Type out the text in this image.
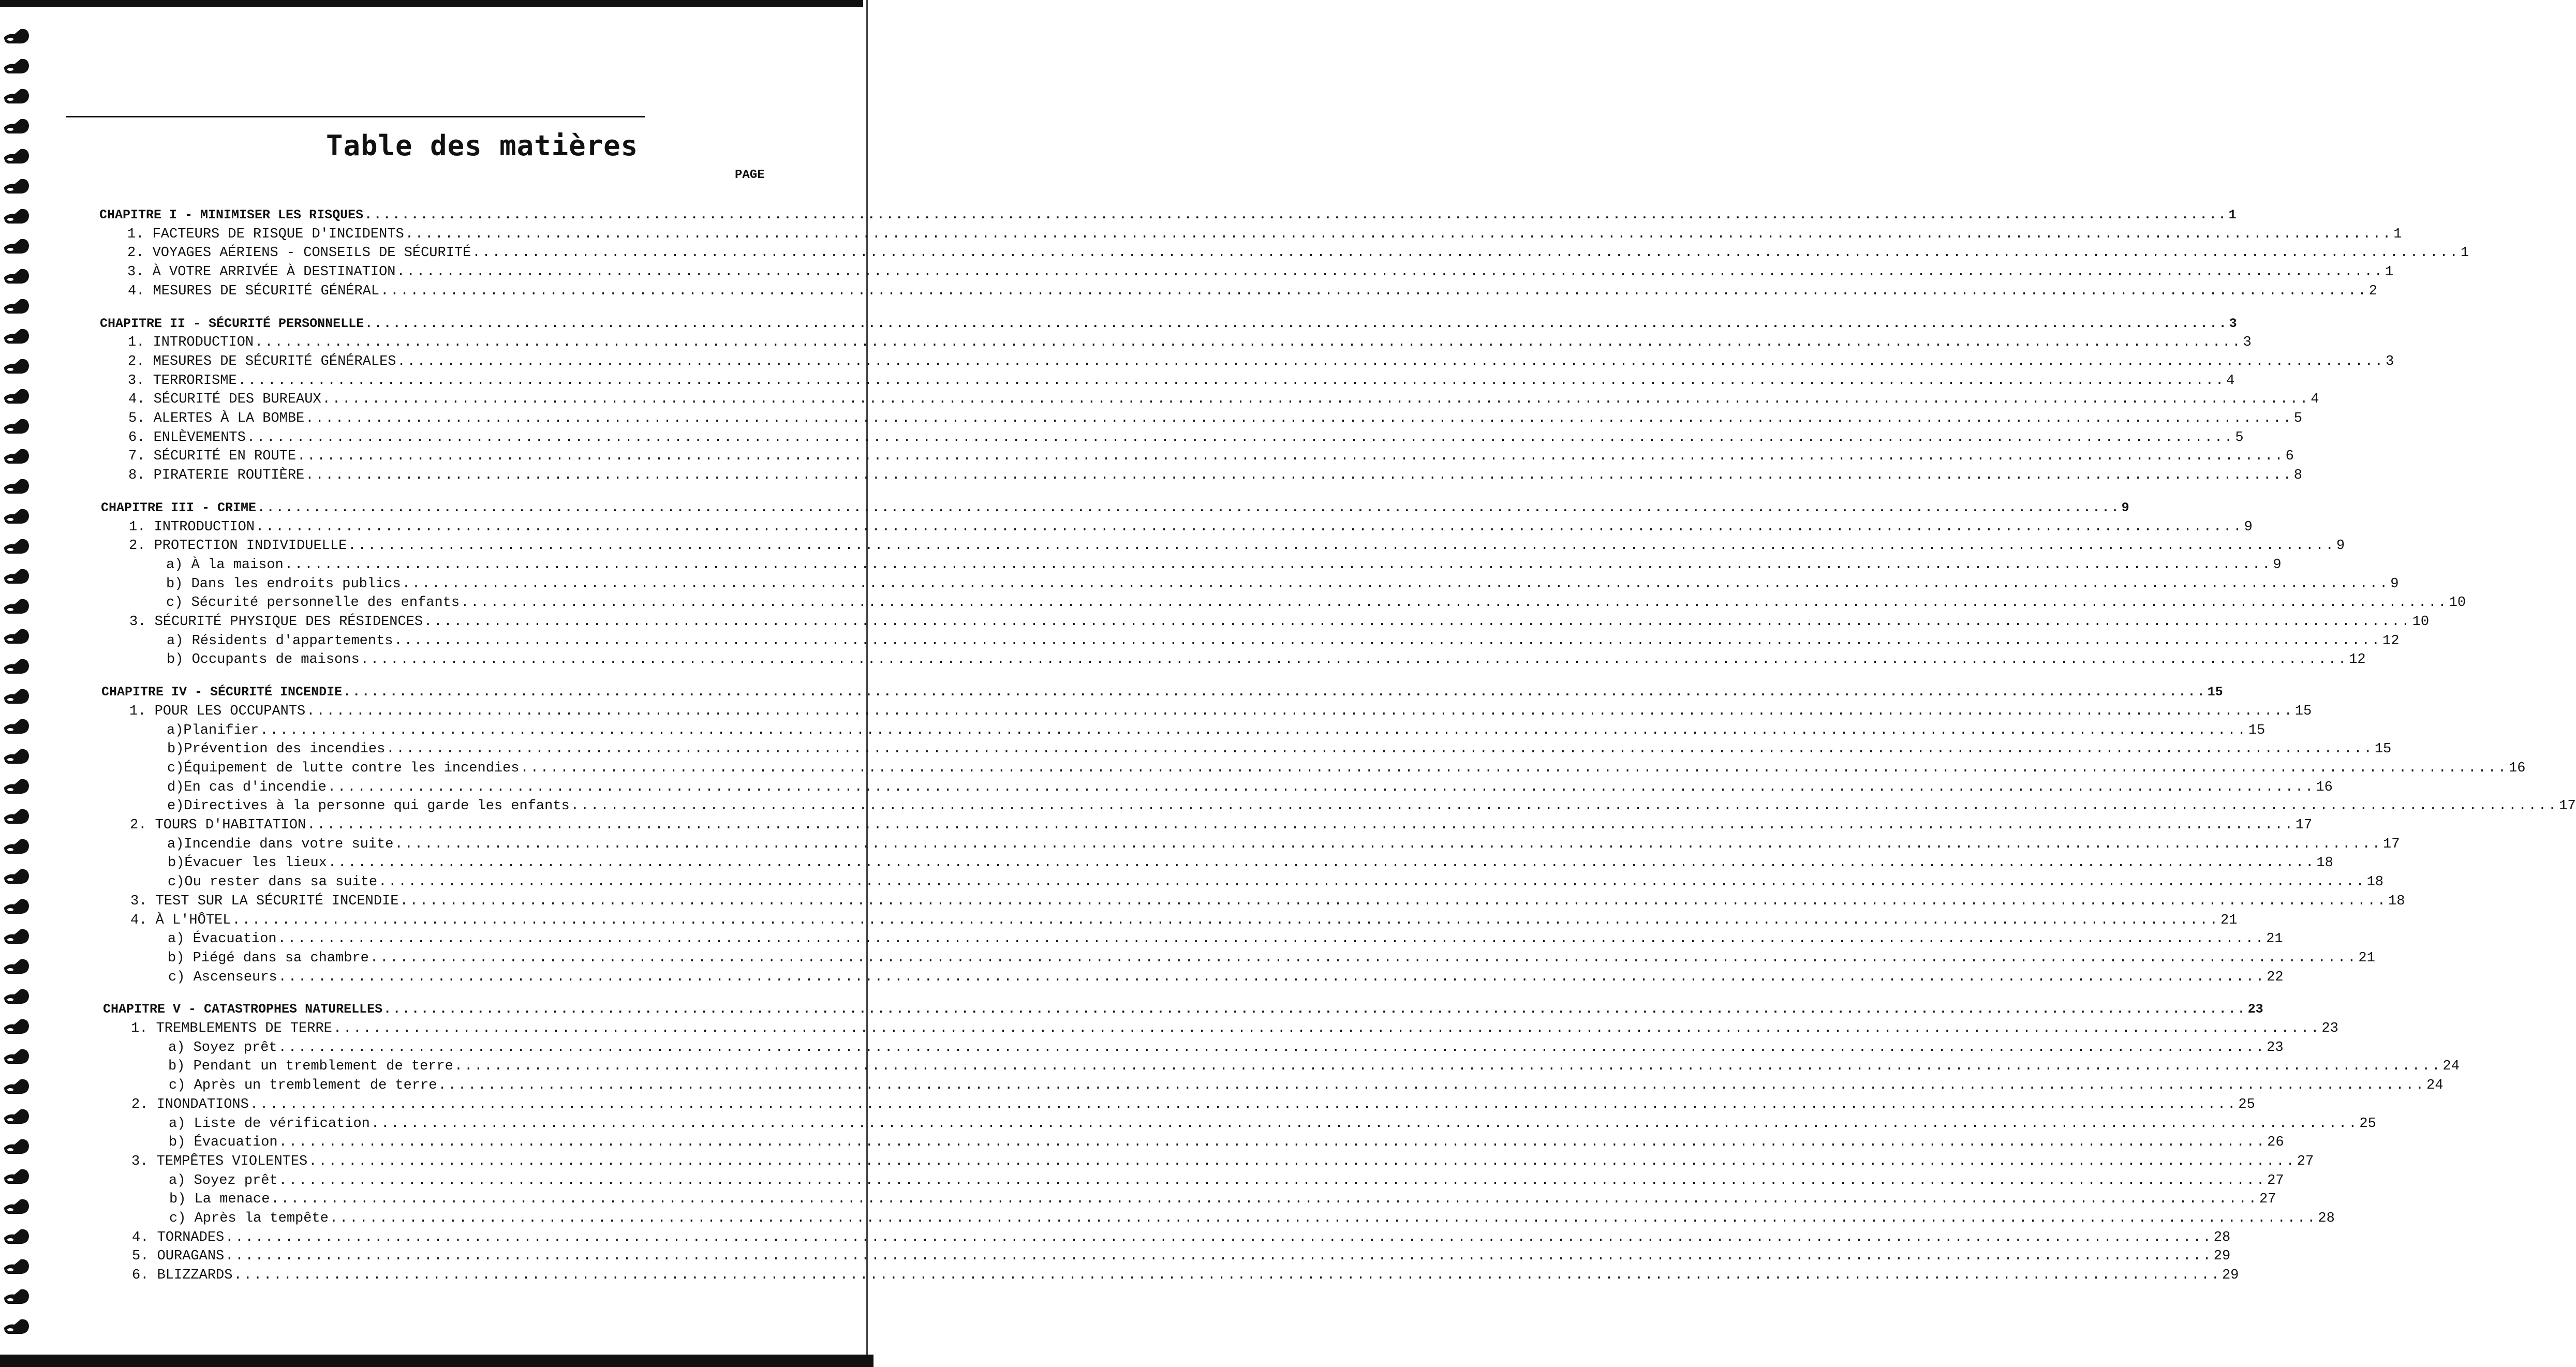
Table des matières
PAGE
CHAPITRE I - MINIMISER LES RISQUES ........................................................................................................................................................................................................ 1
1. FACTEURS DE RISQUE D'INCIDENTS ........................................................................................................................................................................................................ 1
2. VOYAGES AÉRIENS - CONSEILS DE SÉCURITÉ ........................................................................................................................................................................................................ 1
3. À VOTRE ARRIVÉE À DESTINATION ........................................................................................................................................................................................................ 1
4. MESURES DE SÉCURITÉ GÉNÉRAL ........................................................................................................................................................................................................ 2
CHAPITRE II - SÉCURITÉ PERSONNELLE ........................................................................................................................................................................................................ 3
1. INTRODUCTION ........................................................................................................................................................................................................ 3
2. MESURES DE SÉCURITÉ GÉNÉRALES ........................................................................................................................................................................................................ 3
3. TERRORISME ........................................................................................................................................................................................................ 4
4. SÉCURITÉ DES BUREAUX ........................................................................................................................................................................................................ 4
5. ALERTES À LA BOMBE ........................................................................................................................................................................................................ 5
6. ENLÈVEMENTS ........................................................................................................................................................................................................ 5
7. SÉCURITÉ EN ROUTE ........................................................................................................................................................................................................ 6
8. PIRATERIE ROUTIÈRE ........................................................................................................................................................................................................ 8
CHAPITRE III - CRIME ........................................................................................................................................................................................................ 9
1. INTRODUCTION ........................................................................................................................................................................................................ 9
2. PROTECTION INDIVIDUELLE ........................................................................................................................................................................................................ 9
a) À la maison ........................................................................................................................................................................................................ 9
b) Dans les endroits publics ........................................................................................................................................................................................................ 9
c) Sécurité personnelle des enfants ........................................................................................................................................................................................................ 10
3. SÉCURITÉ PHYSIQUE DES RÉSIDENCES ........................................................................................................................................................................................................ 10
a) Résidents d'appartements ........................................................................................................................................................................................................ 12
b) Occupants de maisons ........................................................................................................................................................................................................ 12
CHAPITRE IV - SÉCURITÉ INCENDIE ........................................................................................................................................................................................................ 15
1. POUR LES OCCUPANTS ........................................................................................................................................................................................................ 15
a)Planifier ........................................................................................................................................................................................................ 15
b)Prévention des incendies ........................................................................................................................................................................................................ 15
c)Équipement de lutte contre les incendies ........................................................................................................................................................................................................ 16
d)En cas d'incendie ........................................................................................................................................................................................................ 16
e)Directives à la personne qui garde les enfants ........................................................................................................................................................................................................ 17
2. TOURS D'HABITATION ........................................................................................................................................................................................................ 17
a)Incendie dans votre suite ........................................................................................................................................................................................................ 17
b)Évacuer les lieux ........................................................................................................................................................................................................ 18
c)Ou rester dans sa suite ........................................................................................................................................................................................................ 18
3. TEST SUR LA SÉCURITÉ INCENDIE ........................................................................................................................................................................................................ 18
4. À L'HÔTEL ........................................................................................................................................................................................................ 21
a) Évacuation ........................................................................................................................................................................................................ 21
b) Piégé dans sa chambre ........................................................................................................................................................................................................ 21
c) Ascenseurs ........................................................................................................................................................................................................ 22
CHAPITRE V - CATASTROPHES NATURELLES ........................................................................................................................................................................................................ 23
1. TREMBLEMENTS DE TERRE ........................................................................................................................................................................................................ 23
a) Soyez prêt ........................................................................................................................................................................................................ 23
b) Pendant un tremblement de terre ........................................................................................................................................................................................................ 24
c) Après un tremblement de terre ........................................................................................................................................................................................................ 24
2. INONDATIONS ........................................................................................................................................................................................................ 25
a) Liste de vérification ........................................................................................................................................................................................................ 25
b) Évacuation ........................................................................................................................................................................................................ 26
3. TEMPÊTES VIOLENTES ........................................................................................................................................................................................................ 27
a) Soyez prêt ........................................................................................................................................................................................................ 27
b) La menace ........................................................................................................................................................................................................ 27
c) Après la tempête ........................................................................................................................................................................................................ 28
4. TORNADES ........................................................................................................................................................................................................ 28
5. OURAGANS ........................................................................................................................................................................................................ 29
6. BLIZZARDS ........................................................................................................................................................................................................ 29
